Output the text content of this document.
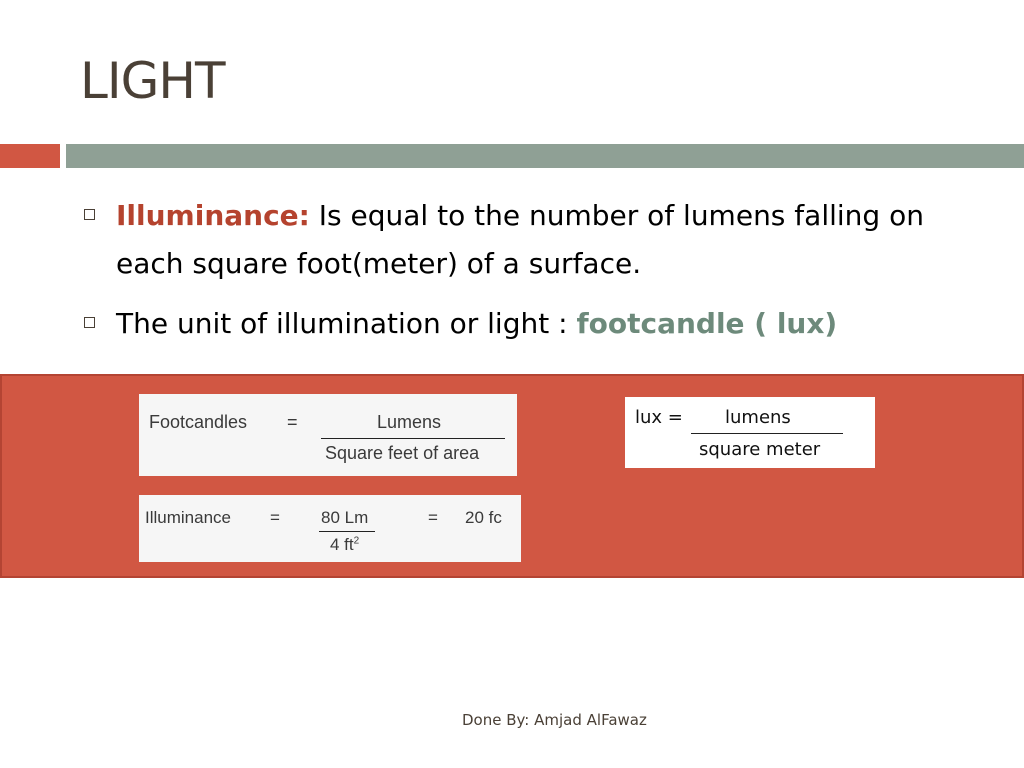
LIGHT
Illuminance: Is equal to the number of lumens falling on each square foot(meter) of a surface.
The unit of illumination or light : footcandle ( lux)
Footcandles =	Lumens
Square feet of area
Illuminance = 80 Lm
4 $ft^2$
= 20 fc
lux = lumens
square meter
Done By: Amjad AlFawaz
